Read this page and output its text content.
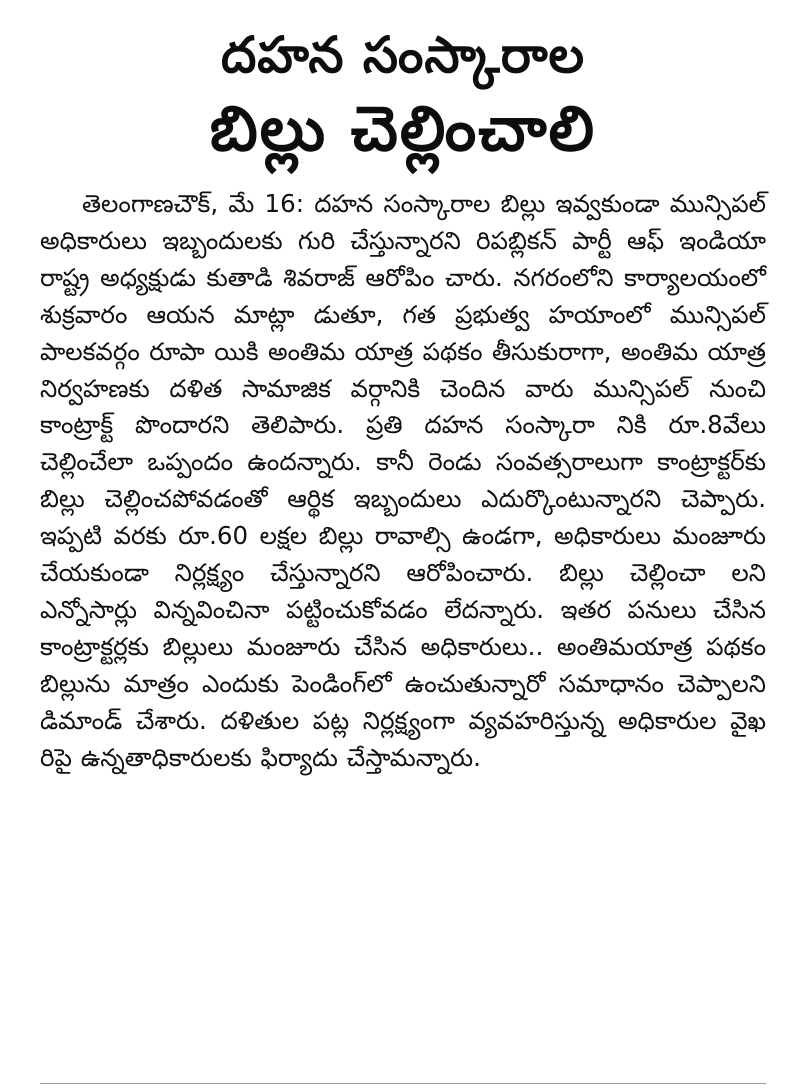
దహన సంస్కారాల
బిల్లు చెల్లించాలి

తెలంగాణచౌక్, మే 16: దహన సంస్కారాల బిల్లు ఇవ్వకుండా మున్సిపల్ అధికారులు ఇబ్బందులకు గురి చేస్తున్నారని రిపబ్లికన్ పార్టీ ఆఫ్ ఇండియా రాష్ట్ర అధ్యక్షుడు కుతాడి శివరాజ్ ఆరోపిం చారు. నగరంలోని కార్యాలయంలో శుక్రవారం ఆయన మాట్లా డుతూ, గత ప్రభుత్వ హయాంలో మున్సిపల్ పాలకవర్గం రూపా యికి అంతిమ యాత్ర పథకం తీసుకురాగా, అంతిమ యాత్ర నిర్వహణకు దళిత సామాజిక వర్గానికి చెందిన వారు మున్సిపల్ నుంచి కాంట్రాక్ట్ పొందారని తెలిపారు. ప్రతి దహన సంస్కారా నికి రూ.8వేలు చెల్లించేలా ఒప్పందం ఉందన్నారు. కానీ రెండు సంవత్సరాలుగా కాంట్రాక్టర్‌కు బిల్లు చెల్లించపోవడంతో ఆర్థిక ఇబ్బందులు ఎదుర్కొంటున్నారని చెప్పారు. ఇప్పటి వరకు రూ.60 లక్షల బిల్లు రావాల్సి ఉండగా, అధికారులు మంజూరు చేయకుండా నిర్లక్ష్యం చేస్తున్నారని ఆరోపించారు. బిల్లు చెల్లించా లని ఎన్నోసార్లు విన్నవించినా పట్టించుకోవడం లేదన్నారు. ఇతర పనులు చేసిన కాంట్రాక్టర్లకు బిల్లులు మంజూరు చేసిన అధికారులు.. అంతిమయాత్ర పథకం బిల్లును మాత్రం ఎందుకు పెండింగ్‌లో ఉంచుతున్నారో సమాధానం చెప్పాలని డిమాండ్ చేశారు. దళితుల పట్ల నిర్లక్ష్యంగా వ్యవహరిస్తున్న అధికారుల వైఖ రిపై ఉన్నతాధికారులకు ఫిర్యాదు చేస్తామన్నారు.
